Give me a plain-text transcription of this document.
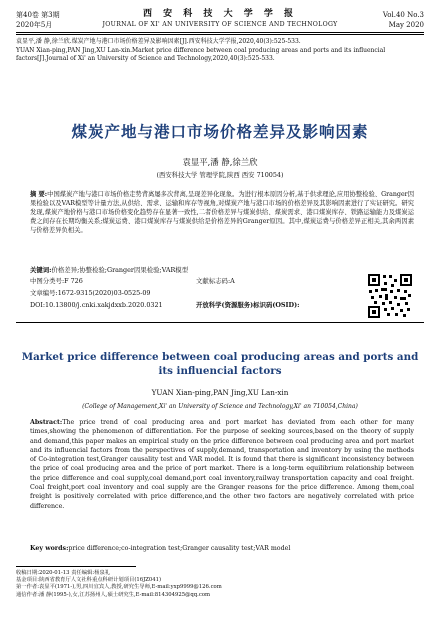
第40卷 第3期
2020年5月
西 安 科 技 大 学 学 报
JOURNAL OF XI' AN UNIVERSITY OF SCIENCE AND TECHNOLOGY
Vol.40 No.3
May 2020
袁显平,潘 静,徐兰欣.煤炭产地与港口市场价格差异及影响因素[J].西安科技大学学报,2020,40(3):525-533.
YUAN Xian-ping,PAN Jing,XU Lan-xin.Market price difference between coal producing areas and ports and its influencial factors[J].Journal of Xi' an University of Science and Technology,2020,40(3):525-533.
煤炭产地与港口市场价格差异及影响因素
袁显平,潘 静,徐兰欣
(西安科技大学 管理学院,陕西 西安 710054)
摘 要:中国煤炭产地与港口市场价格走势背离屡多次背离,呈现差异化现象。为进行根本原因分析,基于供求理论,应用协整检验、Granger因果检验以及VAR模型等计量方法,从供给、需求、运输和库存等视角,对煤炭产地与港口市场的价格差异及其影响因素进行了实证研究。研究发现,煤炭产地价格与港口市场价格变化趋势存在显著一致性,二者价格差异与煤炭供给、煤炭需求、港口煤炭库存、铁路运输能力及煤炭运费之间存在长期均衡关系;煤炭运费、港口煤炭库存与煤炭供给是价格差异的Granger原因。其中,煤炭运费与价格差异正相关,其余两因素与价格差异负相关。
关键词:价格差异;协整检验;Granger因果检验;VAR模型
中图分类号:F 726	文献标志码:A
文章编号:1672-9315(2020)03-0525-09
DOI:10.13800/j.cnki.xakjdxxb.2020.0321	开放科学(资源服务)标识码(OSID):
Market price difference between coal producing areas and ports and its influencial factors
YUAN Xian-ping,PAN Jing,XU Lan-xin
(College of Management,Xi' an University of Science and Technology,Xi' an 710054,China)
Abstract:The price trend of coal producing area and port market has deviated from each other for many times,showing the phenomenon of differentiation. For the purpose of seeking sources,based on the theory of supply and demand,this paper makes an empirical study on the price difference between coal producing area and port market and its influencial factors from the perspectives of supply,demand, transportation and inventory by using the methods of Co-integration test,Granger causality test and VAR model. It is found that there is significant inconsistency between the price of coal producing area and the price of port market. There is a long-term equilibrium relationship between the price difference and coal supply,coal demand,port coal inventory,railway transportation capacity and coal freight. Coal freight,port coal inventory and coal supply are the Granger reasons for the price difference. Among them,coal freight is positively correlated with price difference,and the other two factors are negatively correlated with price difference.
Key words:price difference;co-integration test;Granger causality test;VAR model
收稿日期:2020-01-13 责任编辑:杨泉礼
基金项目:陕西省教育厅人文社科重点科研计划项目(16JZ041)
第一作者:袁显平(1971-),男,四川宜宾人,教授,研究生导师,E-mail:yxp9999@126.com
通信作者:潘 静(1995-),女,江苏扬州人,硕士研究生,E-mail:814304925@qq.com
